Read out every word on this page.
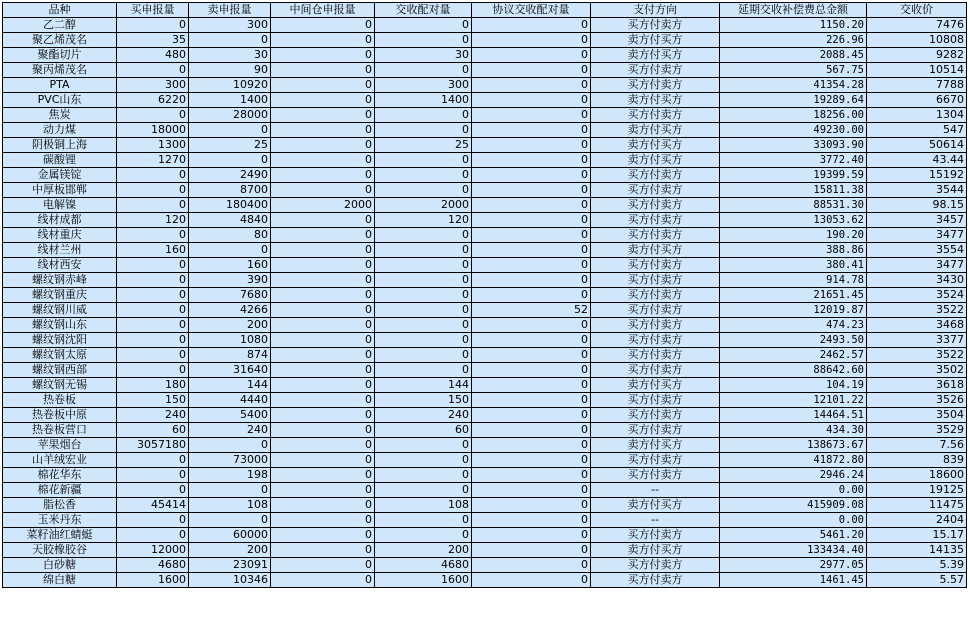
品种	买申报量	卖申报量	中间仓申报量	交收配对量	协议交收配对量	支付方向	延期交收补偿费总金额	交收价
乙二醇	0	300	0	0	0	买方付卖方	1150.20	7476
聚乙烯茂名	35	0	0	0	0	卖方付买方	226.96	10808
聚酯切片	480	30	0	30	0	卖方付买方	2088.45	9282
聚丙烯茂名	0	90	0	0	0	买方付卖方	567.75	10514
PTA	300	10920	0	300	0	买方付卖方	41354.28	7788
PVC山东	6220	1400	0	1400	0	卖方付买方	19289.64	6670
焦炭	0	28000	0	0	0	买方付卖方	18256.00	1304
动力煤	18000	0	0	0	0	卖方付买方	49230.00	547
阴极铜上海	1300	25	0	25	0	卖方付买方	33093.90	50614
碳酸锂	1270	0	0	0	0	卖方付买方	3772.40	43.44
金属镁锭	0	2490	0	0	0	买方付卖方	19399.59	15192
中厚板邯郸	0	8700	0	0	0	买方付卖方	15811.38	3544
电解镍	0	180400	2000	2000	0	买方付卖方	88531.30	98.15
线材成都	120	4840	0	120	0	买方付卖方	13053.62	3457
线材重庆	0	80	0	0	0	买方付卖方	190.20	3477
线材兰州	160	0	0	0	0	卖方付买方	388.86	3554
线材西安	0	160	0	0	0	买方付卖方	380.41	3477
螺纹钢赤峰	0	390	0	0	0	买方付卖方	914.78	3430
螺纹钢重庆	0	7680	0	0	0	买方付卖方	21651.45	3524
螺纹钢川威	0	4266	0	0	52	买方付卖方	12019.87	3522
螺纹钢山东	0	200	0	0	0	买方付卖方	474.23	3468
螺纹钢沈阳	0	1080	0	0	0	买方付卖方	2493.50	3377
螺纹钢太原	0	874	0	0	0	买方付卖方	2462.57	3522
螺纹钢西部	0	31640	0	0	0	买方付卖方	88642.60	3502
螺纹钢无锡	180	144	0	144	0	卖方付买方	104.19	3618
热卷板	150	4440	0	150	0	买方付卖方	12101.22	3526
热卷板中原	240	5400	0	240	0	买方付卖方	14464.51	3504
热卷板营口	60	240	0	60	0	买方付卖方	434.30	3529
苹果烟台	3057180	0	0	0	0	卖方付买方	138673.67	7.56
山羊绒宏业	0	73000	0	0	0	买方付卖方	41872.80	839
棉花华东	0	198	0	0	0	买方付卖方	2946.24	18600
棉花新疆	0	0	0	0	0	--	0.00	19125
脂松香	45414	108	0	108	0	卖方付买方	415909.08	11475
玉米丹东	0	0	0	0	0	--	0.00	2404
菜籽油红蜻蜓	0	60000	0	0	0	买方付卖方	5461.20	15.17
天胶橡胶谷	12000	200	0	200	0	卖方付买方	133434.40	14135
白砂糖	4680	23091	0	4680	0	买方付卖方	2977.05	5.39
绵白糖	1600	10346	0	1600	0	买方付卖方	1461.45	5.57
